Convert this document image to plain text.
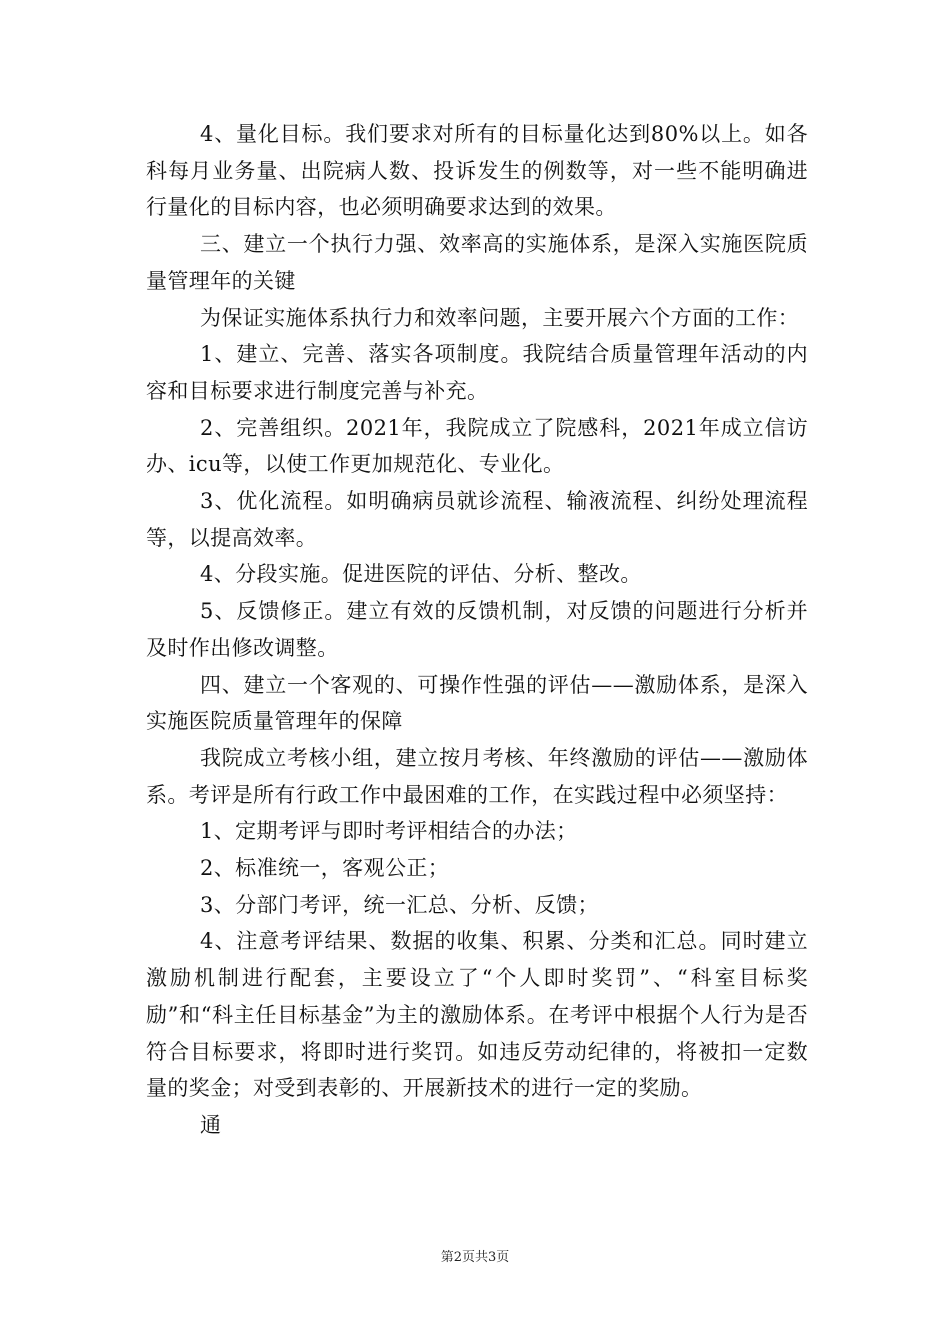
4、量化目标。我们要求对所有的目标量化达到80%以上。如各科每月业务量、出院病人数、投诉发生的例数等，对一些不能明确进行量化的目标内容，也必须明确要求达到的效果。

三、建立一个执行力强、效率高的实施体系，是深入实施医院质量管理年的关键

为保证实施体系执行力和效率问题，主要开展六个方面的工作：

1、建立、完善、落实各项制度。我院结合质量管理年活动的内容和目标要求进行制度完善与补充。

2、完善组织。2021年，我院成立了院感科，2021年成立信访办、icu等，以使工作更加规范化、专业化。

3、优化流程。如明确病员就诊流程、输液流程、纠纷处理流程等，以提高效率。

4、分段实施。促进医院的评估、分析、整改。

5、反馈修正。建立有效的反馈机制，对反馈的问题进行分析并及时作出修改调整。

四、建立一个客观的、可操作性强的评估——激励体系，是深入实施医院质量管理年的保障

我院成立考核小组，建立按月考核、年终激励的评估——激励体系。考评是所有行政工作中最困难的工作，在实践过程中必须坚持：

1、定期考评与即时考评相结合的办法；

2、标准统一，客观公正；

3、分部门考评，统一汇总、分析、反馈；

4、注意考评结果、数据的收集、积累、分类和汇总。同时建立激励机制进行配套，主要设立了“个人即时奖罚”、“科室目标奖励”和“科主任目标基金”为主的激励体系。在考评中根据个人行为是否符合目标要求，将即时进行奖罚。如违反劳动纪律的，将被扣一定数量的奖金；对受到表彰的、开展新技术的进行一定的奖励。

通

第2页共3页
